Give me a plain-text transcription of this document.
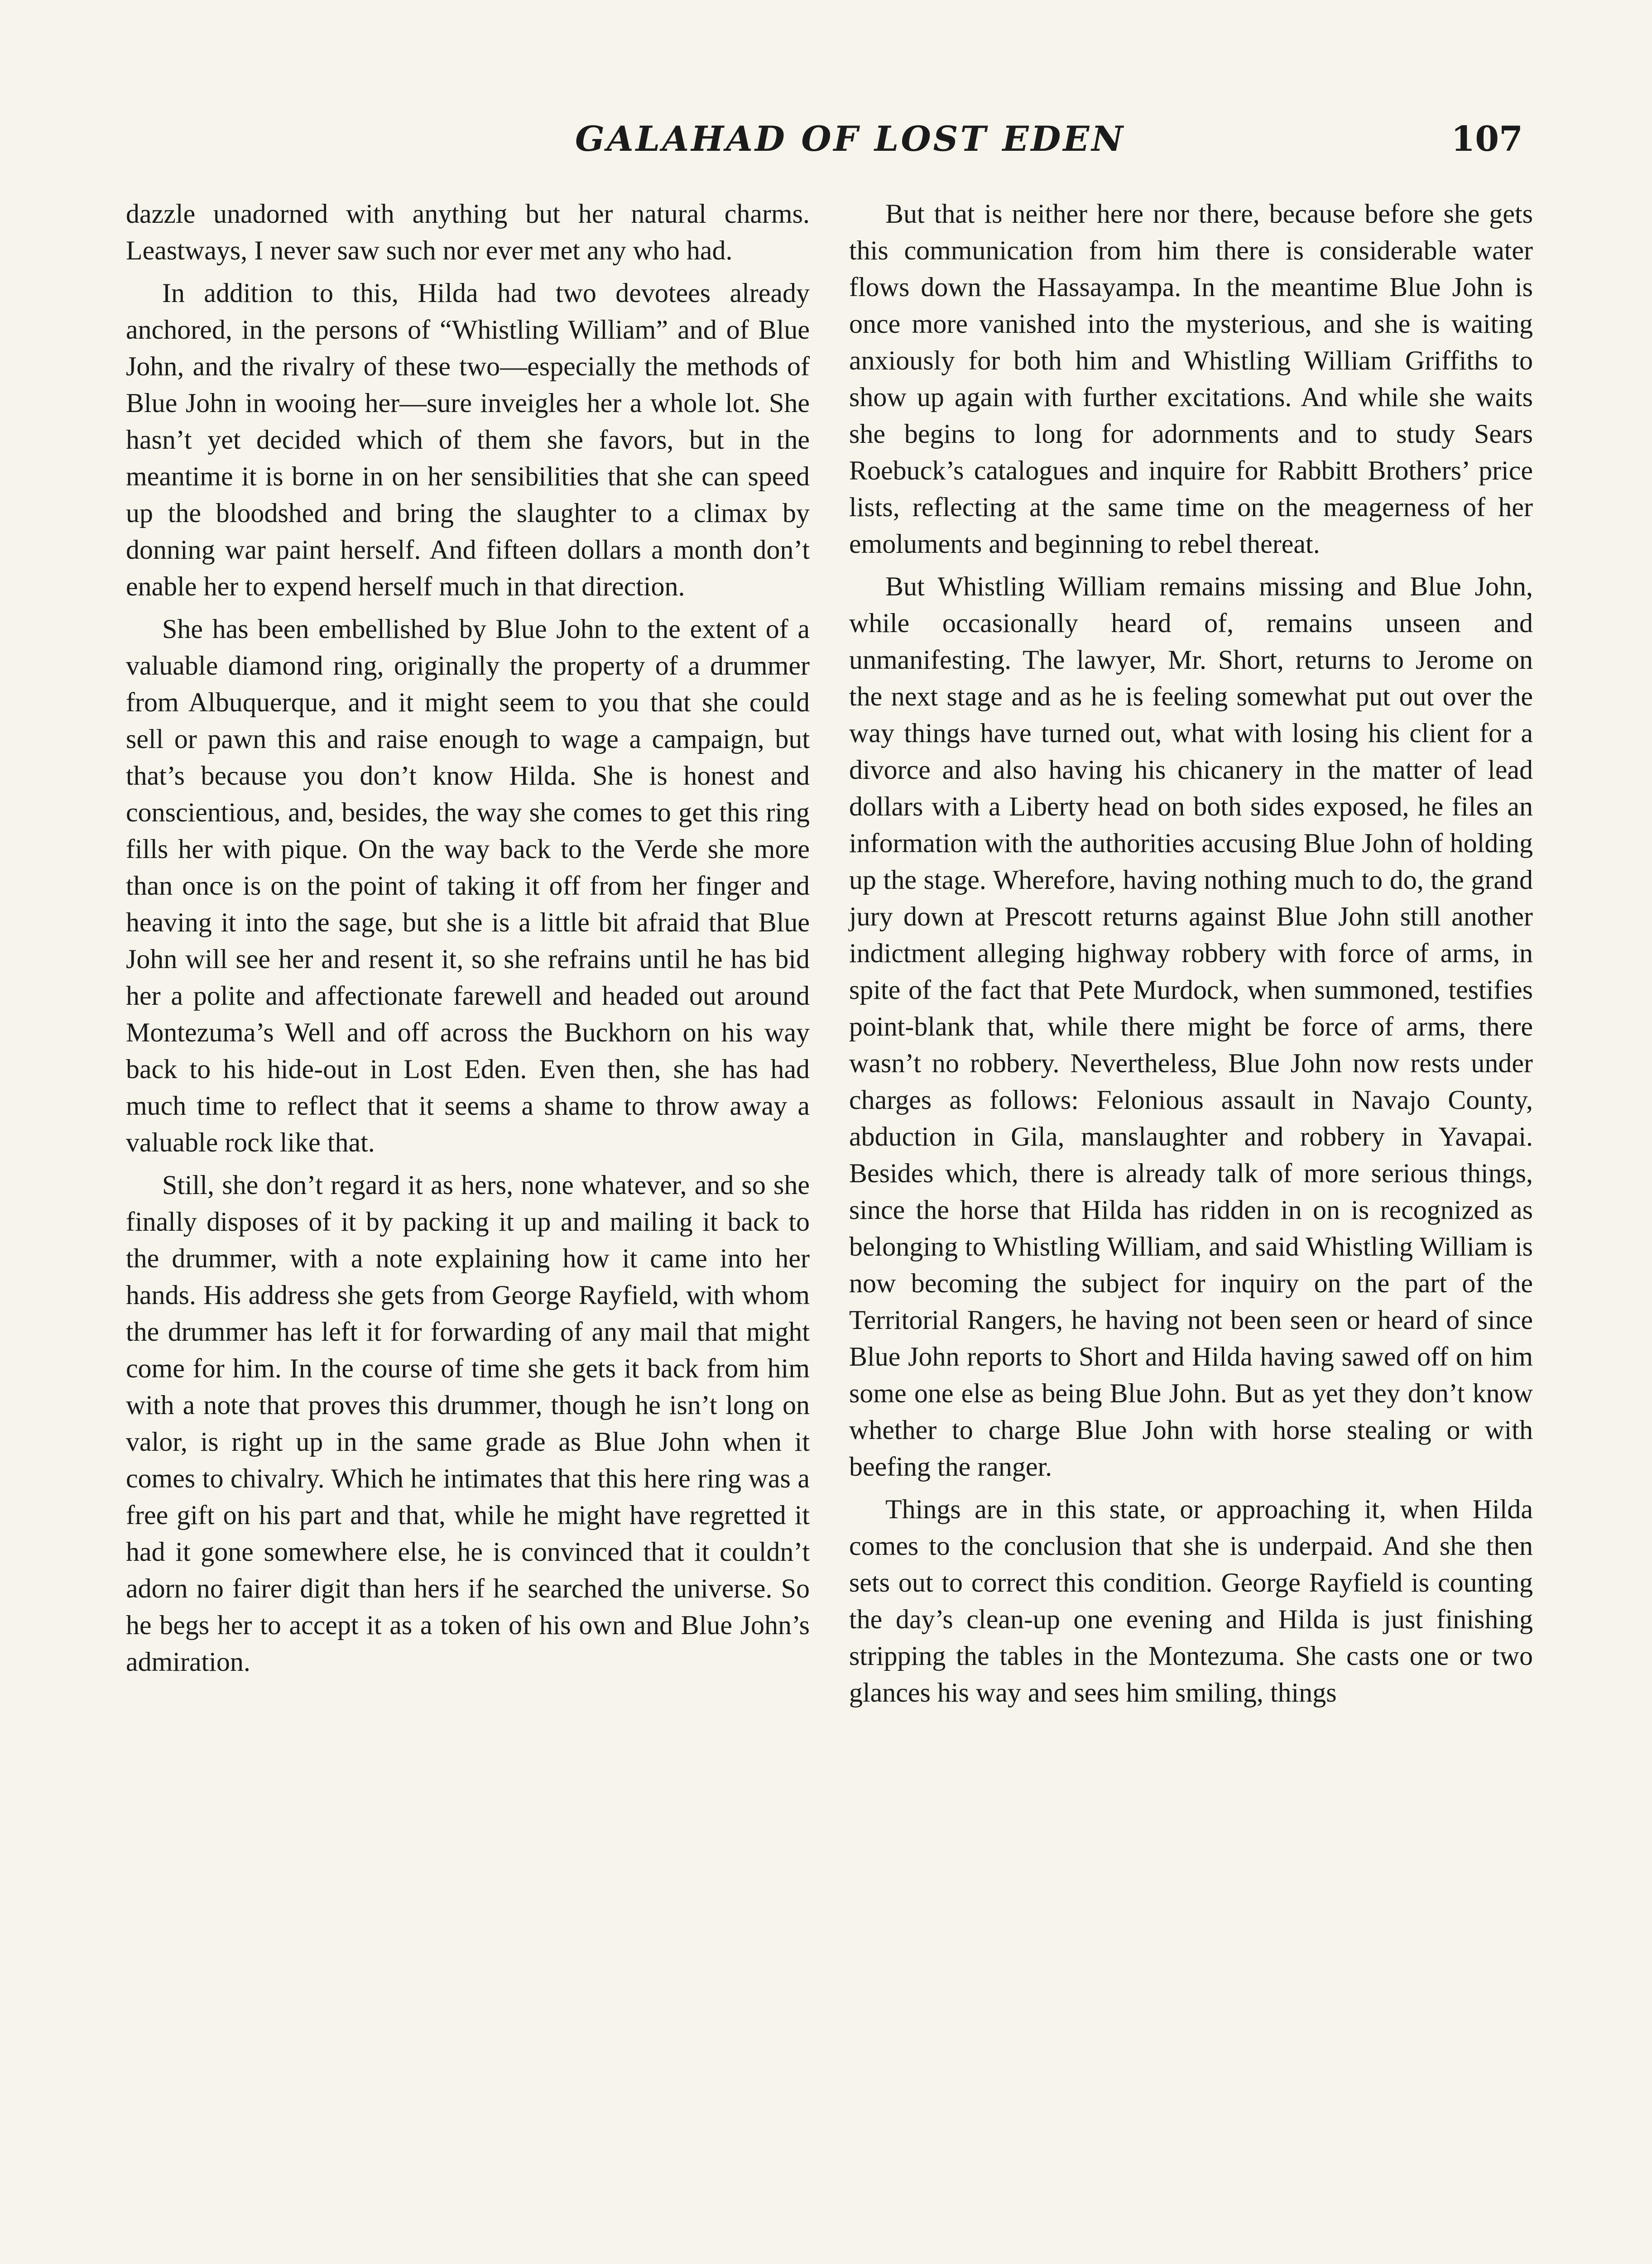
GALAHAD OF LOST EDEN	107

dazzle unadorned with anything but her natural charms. Leastways, I never saw such nor ever met any who had.

In addition to this, Hilda had two devotees already anchored, in the persons of “Whistling William” and of Blue John, and the rivalry of these two—especially the methods of Blue John in wooing her—sure inveigles her a whole lot. She hasn’t yet decided which of them she favors, but in the meantime it is borne in on her sensibilities that she can speed up the bloodshed and bring the slaughter to a climax by donning war paint herself. And fifteen dollars a month don’t enable her to expend herself much in that direction.

She has been embellished by Blue John to the extent of a valuable diamond ring, originally the property of a drummer from Albuquerque, and it might seem to you that she could sell or pawn this and raise enough to wage a campaign, but that’s because you don’t know Hilda. She is honest and conscientious, and, besides, the way she comes to get this ring fills her with pique. On the way back to the Verde she more than once is on the point of taking it off from her finger and heaving it into the sage, but she is a little bit afraid that Blue John will see her and resent it, so she refrains until he has bid her a polite and affectionate farewell and headed out around Montezuma’s Well and off across the Buckhorn on his way back to his hide-out in Lost Eden. Even then, she has had much time to reflect that it seems a shame to throw away a valuable rock like that.

Still, she don’t regard it as hers, none whatever, and so she finally disposes of it by packing it up and mailing it back to the drummer, with a note explaining how it came into her hands. His address she gets from George Rayfield, with whom the drummer has left it for forwarding of any mail that might come for him. In the course of time she gets it back from him with a note that proves this drummer, though he isn’t long on valor, is right up in the same grade as Blue John when it comes to chivalry. Which he intimates that this here ring was a free gift on his part and that, while he might have regretted it had it gone somewhere else, he is convinced that it couldn’t adorn no fairer digit than hers if he searched the universe. So he begs her to accept it as a token of his own and Blue John’s admiration.

But that is neither here nor there, because before she gets this communication from him there is considerable water flows down the Hassayampa. In the meantime Blue John is once more vanished into the mysterious, and she is waiting anxiously for both him and Whistling William Griffiths to show up again with further excitations. And while she waits she begins to long for adornments and to study Sears Roebuck’s catalogues and inquire for Rabbitt Brothers’ price lists, reflecting at the same time on the meagerness of her emoluments and beginning to rebel thereat.

But Whistling William remains missing and Blue John, while occasionally heard of, remains unseen and unmanifesting. The lawyer, Mr. Short, returns to Jerome on the next stage and as he is feeling somewhat put out over the way things have turned out, what with losing his client for a divorce and also having his chicanery in the matter of lead dollars with a Liberty head on both sides exposed, he files an information with the authorities accusing Blue John of holding up the stage. Wherefore, having nothing much to do, the grand jury down at Prescott returns against Blue John still another indictment alleging highway robbery with force of arms, in spite of the fact that Pete Murdock, when summoned, testifies point-blank that, while there might be force of arms, there wasn’t no robbery. Nevertheless, Blue John now rests under charges as follows: Felonious assault in Navajo County, abduction in Gila, manslaughter and robbery in Yavapai. Besides which, there is already talk of more serious things, since the horse that Hilda has ridden in on is recognized as belonging to Whistling William, and said Whistling William is now becoming the subject for inquiry on the part of the Territorial Rangers, he having not been seen or heard of since Blue John reports to Short and Hilda having sawed off on him some one else as being Blue John. But as yet they don’t know whether to charge Blue John with horse stealing or with beefing the ranger.

Things are in this state, or approaching it, when Hilda comes to the conclusion that she is underpaid. And she then sets out to correct this condition. George Rayfield is counting the day’s clean-up one evening and Hilda is just finishing stripping the tables in the Montezuma. She casts one or two glances his way and sees him smiling, things
